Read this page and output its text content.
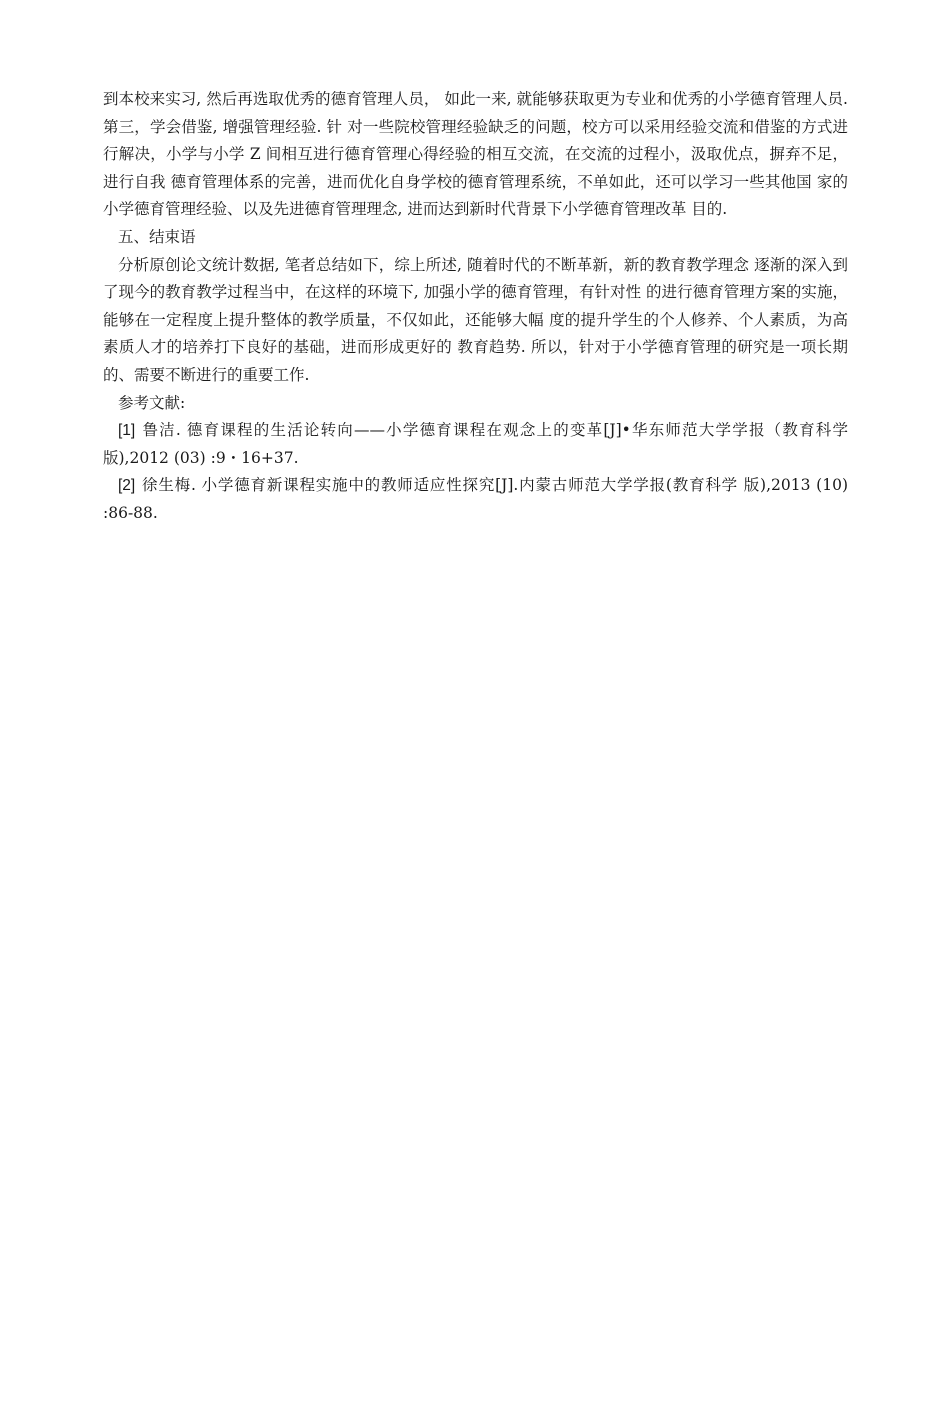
到本校来实习, 然后再选取优秀的德育管理人员， 如此一来, 就能够获取更为专业和优秀的小学德育管理人员. 第三，学会借鉴, 增强管理经验. 针 对一些院校管理经验缺乏的问题，校方可以采用经验交流和借鉴的方式进行解决，小学与小学 Z 间相互进行德育管理心得经验的相互交流，在交流的过程小，汲取优点，摒弃不足，进行自我 德育管理体系的完善，进而优化自身学校的德育管理系统，不单如此，还可以学习一些其他国 家的小学德育管理经验、以及先进德育管理理念, 进而达到新时代背景下小学德育管理改革 目的.

五、结束语

分析原创论文统计数据, 笔者总结如下，综上所述, 随着时代的不断革新，新的教育教学理念 逐渐的深入到了现今的教育教学过程当中，在这样的环境下, 加强小学的德育管理，有针对性 的进行德育管理方案的实施，能够在一定程度上提升整体的教学质量，不仅如此，还能够大幅 度的提升学生的个人修养、个人素质，为高素质人才的培养打下良好的基础，进而形成更好的 教育趋势. 所以，针对于小学德育管理的研究是一项长期的、需要不断进行的重要工作.

参考文献:

[1] 鲁洁. 德育课程的生活论转向——小学德育课程在观念上的变革[J]•华东师范大学学报（教育科学版),2012 (03) :9・16+37.

[2] 徐生梅. 小学德育新课程实施中的教师适应性探究[J].内蒙古师范大学学报(教育科学 版),2013 (10) :86-88.
